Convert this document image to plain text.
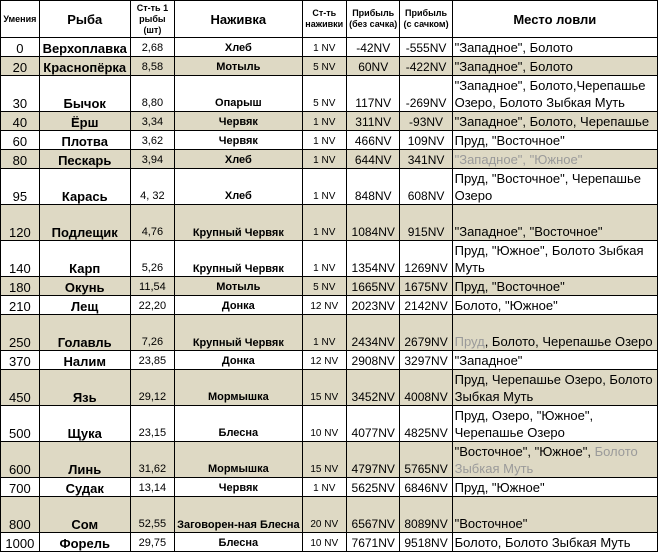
Умения	Рыба	Ст-ть 1 рыбы (шт)	Наживка	Ст-ть наживки	Прибыль (без сачка)	Прибыль (с сачком)	Место ловли
0	Верхоплавка	2,68	Хлеб	1 NV	-42NV	-555NV	"Западное", Болото
20	Краснопёрка	8,58	Мотыль	5 NV	60NV	-422NV	"Западное", Болото
30	Бычок	8,80	Опарыш	5 NV	117NV	-269NV	"Западное", Болото,Черепашье Озеро, Болото Зыбкая Муть
40	Ёрш	3,34	Червяк	1 NV	311NV	-93NV	"Западное", Болото, Черепашье
60	Плотва	3,62	Червяк	1 NV	466NV	109NV	Пруд, "Восточное"
80	Пескарь	3,94	Хлеб	1 NV	644NV	341NV	"Западное", "Южное"
95	Карась	4, 32	Хлеб	1 NV	848NV	608NV	Пруд, "Восточное", Черепашье Озеро
120	Подлещик	4,76	Крупный Червяк	1 NV	1084NV	915NV	"Западное", "Восточное"
140	Карп	5,26	Крупный Червяк	1 NV	1354NV	1269NV	Пруд, "Южное", Болото Зыбкая Муть
180	Окунь	11,54	Мотыль	5 NV	1665NV	1675NV	Пруд, "Восточное"
210	Лещ	22,20	Донка	12 NV	2023NV	2142NV	Болото, "Южное"
250	Голавль	7,26	Крупный Червяк	1 NV	2434NV	2679NV	Пруд, Болото, Черепашье Озеро
370	Налим	23,85	Донка	12 NV	2908NV	3297NV	"Западное"
450	Язь	29,12	Мормышка	15 NV	3452NV	4008NV	Пруд, Черепашье Озеро, Болото Зыбкая Муть
500	Щука	23,15	Блесна	10 NV	4077NV	4825NV	Пруд, Озеро, "Южное", Черепашье Озеро
600	Линь	31,62	Мормышка	15 NV	4797NV	5765NV	"Восточное", "Южное", Болото Зыбкая Муть
700	Судак	13,14	Червяк	1 NV	5625NV	6846NV	Пруд, "Южное"
800	Сом	52,55	Заговорен-ная Блесна	20 NV	6567NV	8089NV	"Восточное"
1000	Форель	29,75	Блесна	10 NV	7671NV	9518NV	Болото, Болото Зыбкая Муть
